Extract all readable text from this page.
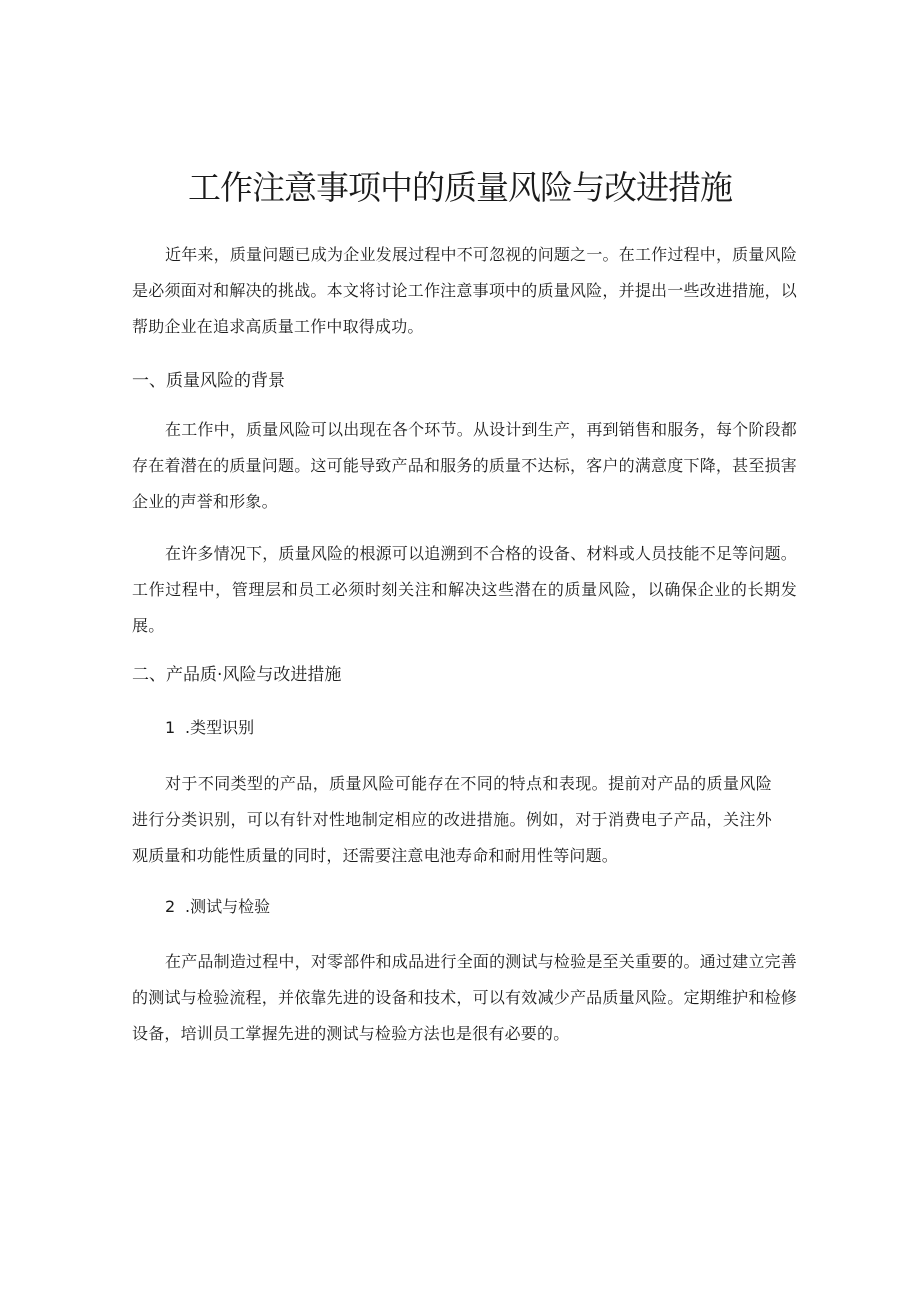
工作注意事项中的质量风险与改进措施

近年来，质量问题已成为企业发展过程中不可忽视的问题之一。在工作过程中，质量风险是必须面对和解决的挑战。本文将讨论工作注意事项中的质量风险，并提出一些改进措施，以帮助企业在追求高质量工作中取得成功。

一、质量风险的背景

在工作中，质量风险可以出现在各个环节。从设计到生产，再到销售和服务，每个阶段都存在着潜在的质量问题。这可能导致产品和服务的质量不达标，客户的满意度下降，甚至损害企业的声誉和形象。

在许多情况下，质量风险的根源可以追溯到不合格的设备、材料或人员技能不足等问题。工作过程中，管理层和员工必须时刻关注和解决这些潜在的质量风险，以确保企业的长期发展。

二、产品质·风险与改进措施
1 .类型识别

对于不同类型的产品，质量风险可能存在不同的特点和表现。提前对产品的质量风险进行分类识别，可以有针对性地制定相应的改进措施。例如，对于消费电子产品，关注外观质量和功能性质量的同时，还需要注意电池寿命和耐用性等问题。

2 .测试与检验

在产品制造过程中，对零部件和成品进行全面的测试与检验是至关重要的。通过建立完善的测试与检验流程，并依靠先进的设备和技术，可以有效减少产品质量风险。定期维护和检修设备，培训员工掌握先进的测试与检验方法也是很有必要的。
